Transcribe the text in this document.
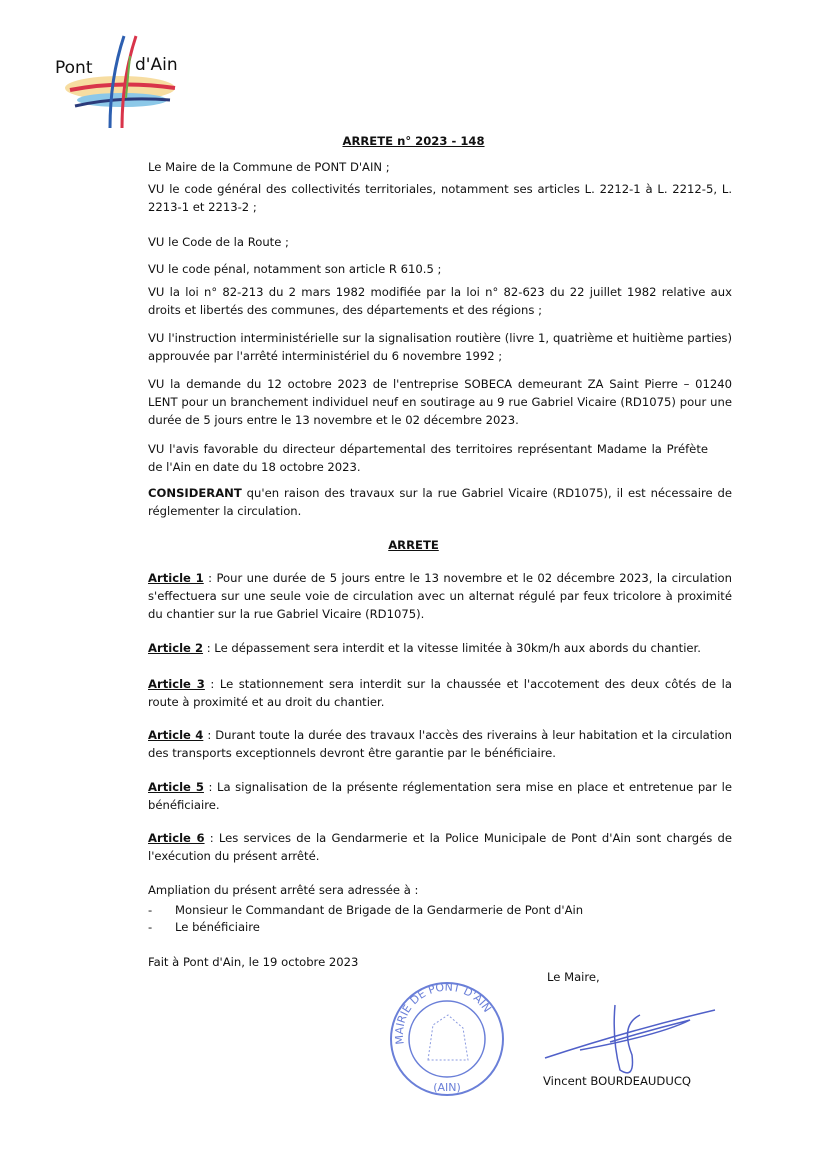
Pont	d'Ain
ARRETE n° 2023 - 148
Le Maire de la Commune de PONT D'AIN ;
VU le code général des collectivités territoriales, notamment ses articles L. 2212-1 à L. 2212-5, L. 2213-1 et 2213-2 ;
VU le Code de la Route ;
VU le code pénal, notamment son article R 610.5 ;
VU la loi n° 82-213 du 2 mars 1982 modifiée par la loi n° 82-623 du 22 juillet 1982 relative aux droits et libertés des communes, des départements et des régions ;
VU l'instruction interministérielle sur la signalisation routière (livre 1, quatrième et huitième parties) approuvée par l'arrêté interministériel du 6 novembre 1992 ;
VU la demande du 12 octobre 2023 de l'entreprise SOBECA demeurant ZA Saint Pierre – 01240 LENT pour un branchement individuel neuf en soutirage au 9 rue Gabriel Vicaire (RD1075) pour une durée de 5 jours entre le 13 novembre et le 02 décembre 2023.
VU l'avis favorable du directeur départemental des territoires représentant Madame la Préfète de l'Ain en date du 18 octobre 2023.
CONSIDERANT qu'en raison des travaux sur la rue Gabriel Vicaire (RD1075), il est nécessaire de réglementer la circulation.
ARRETE
Article 1 : Pour une durée de 5 jours entre le 13 novembre et le 02 décembre 2023, la circulation s'effectuera sur une seule voie de circulation avec un alternat régulé par feux tricolore à proximité du chantier sur la rue Gabriel Vicaire (RD1075).
Article 2 : Le dépassement sera interdit et la vitesse limitée à 30km/h aux abords du chantier.
Article 3 : Le stationnement sera interdit sur la chaussée et l'accotement des deux côtés de la route à proximité et au droit du chantier.
Article 4 : Durant toute la durée des travaux l'accès des riverains à leur habitation et la circulation des transports exceptionnels devront être garantie par le bénéficiaire.
Article 5 : La signalisation de la présente réglementation sera mise en place et entretenue par le bénéficiaire.
Article 6 : Les services de la Gendarmerie et la Police Municipale de Pont d'Ain sont chargés de l'exécution du présent arrêté.
Ampliation du présent arrêté sera adressée à :
- Monsieur le Commandant de Brigade de la Gendarmerie de Pont d'Ain
- Le bénéficiaire
Fait à Pont d'Ain, le 19 octobre 2023
Le Maire,
MAIRIE DE PONT D'AIN
(AIN)	Vincent BOURDEAUDUCQ
